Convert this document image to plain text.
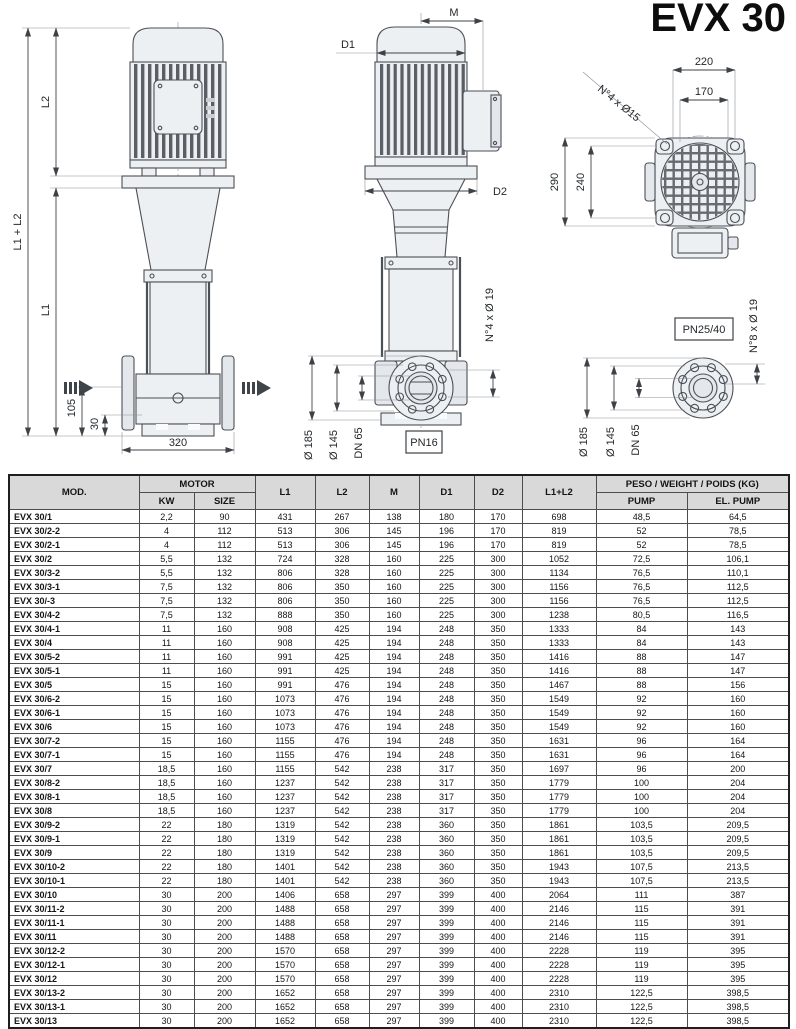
EVX 30
L1 + L2
L2
L1
105
30
320
M
D1
D2
Ø 185 Ø 145 DN 65
N°4 x Ø 19
PN16
220
170
290 240
N°4 x Ø15
PN25/40 N°8 x Ø 19
Ø 185 Ø 145 DN 65
MOD.	MOTOR		L1	L2	M	D1	D2	L1+L2	PESO / WEIGHT / POIDS (KG)	
	KW	SIZE							PUMP	EL. PUMP
EVX 30/1	2,2	90	431	267	138	180	170	698	48,5	64,5
EVX 30/2-2	4	112	513	306	145	196	170	819	52	78,5
EVX 30/2-1	4	112	513	306	145	196	170	819	52	78,5
EVX 30/2	5,5	132	724	328	160	225	300	1052	72,5	106,1
EVX 30/3-2	5,5	132	806	328	160	225	300	1134	76,5	110,1
EVX 30/3-1	7,5	132	806	350	160	225	300	1156	76,5	112,5
EVX 30/-3	7,5	132	806	350	160	225	300	1156	76,5	112,5
EVX 30/4-2	7,5	132	888	350	160	225	300	1238	80,5	116,5
EVX 30/4-1	11	160	908	425	194	248	350	1333	84	143
EVX 30/4	11	160	908	425	194	248	350	1333	84	143
EVX 30/5-2	11	160	991	425	194	248	350	1416	88	147
EVX 30/5-1	11	160	991	425	194	248	350	1416	88	147
EVX 30/5	15	160	991	476	194	248	350	1467	88	156
EVX 30/6-2	15	160	1073	476	194	248	350	1549	92	160
EVX 30/6-1	15	160	1073	476	194	248	350	1549	92	160
EVX 30/6	15	160	1073	476	194	248	350	1549	92	160
EVX 30/7-2	15	160	1155	476	194	248	350	1631	96	164
EVX 30/7-1	15	160	1155	476	194	248	350	1631	96	164
EVX 30/7	18,5	160	1155	542	238	317	350	1697	96	200
EVX 30/8-2	18,5	160	1237	542	238	317	350	1779	100	204
EVX 30/8-1	18,5	160	1237	542	238	317	350	1779	100	204
EVX 30/8	18,5	160	1237	542	238	317	350	1779	100	204
EVX 30/9-2	22	180	1319	542	238	360	350	1861	103,5	209,5
EVX 30/9-1	22	180	1319	542	238	360	350	1861	103,5	209,5
EVX 30/9	22	180	1319	542	238	360	350	1861	103,5	209,5
EVX 30/10-2	22	180	1401	542	238	360	350	1943	107,5	213,5
EVX 30/10-1	22	180	1401	542	238	360	350	1943	107,5	213,5
EVX 30/10	30	200	1406	658	297	399	400	2064	111	387
EVX 30/11-2	30	200	1488	658	297	399	400	2146	115	391
EVX 30/11-1	30	200	1488	658	297	399	400	2146	115	391
EVX 30/11	30	200	1488	658	297	399	400	2146	115	391
EVX 30/12-2	30	200	1570	658	297	399	400	2228	119	395
EVX 30/12-1	30	200	1570	658	297	399	400	2228	119	395
EVX 30/12	30	200	1570	658	297	399	400	2228	119	395
EVX 30/13-2	30	200	1652	658	297	399	400	2310	122,5	398,5
EVX 30/13-1	30	200	1652	658	297	399	400	2310	122,5	398,5
EVX 30/13	30	200	1652	658	297	399	400	2310	122,5	398,5
